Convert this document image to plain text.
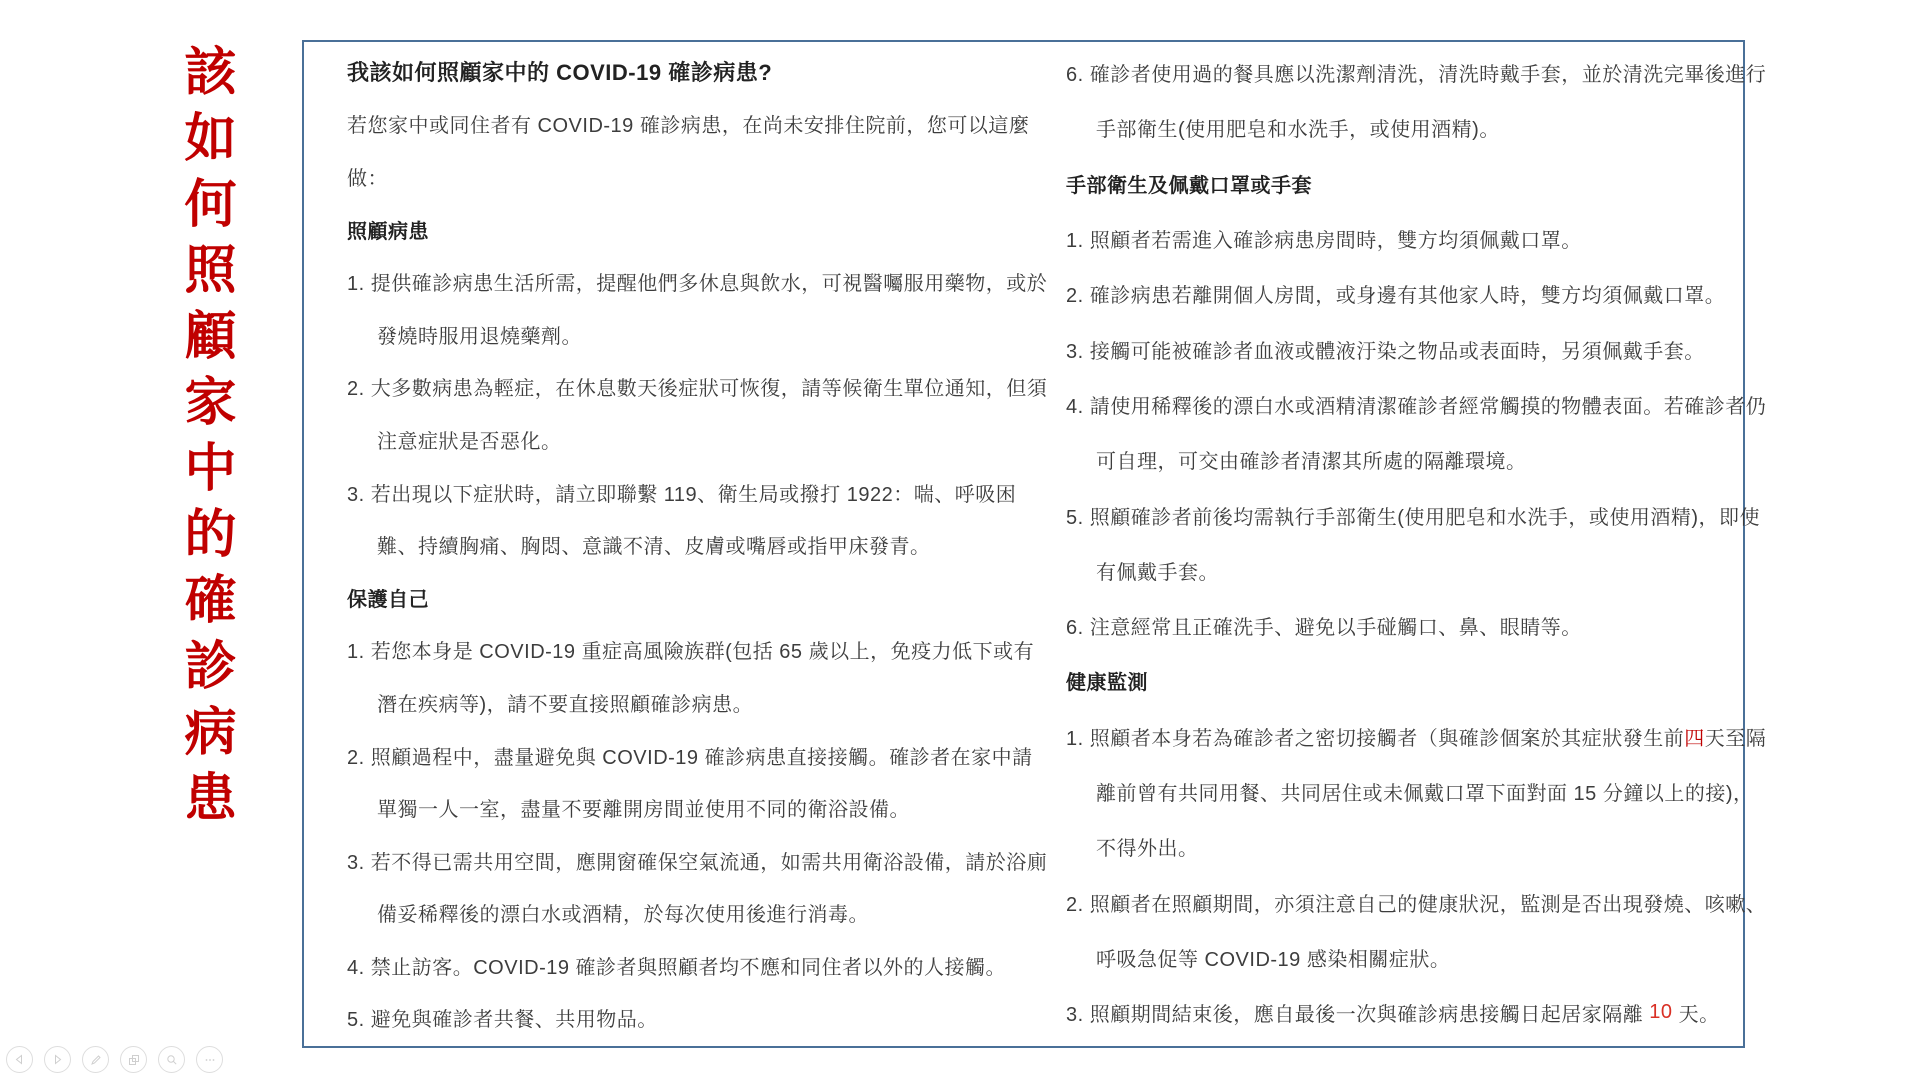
該如何照顧家中的確診病患	我該如何照顧家中的 COVID-19 確診病患?
若您家中或同住者有 COVID-19 確診病患，在尚未安排住院前，您可以這麼
做：
照顧病患
1. 提供確診病患生活所需，提醒他們多休息與飲水，可視醫囑服用藥物，或於
發燒時服用退燒藥劑。
2. 大多數病患為輕症，在休息數天後症狀可恢復，請等候衛生單位通知，但須
注意症狀是否惡化。
3. 若出現以下症狀時，請立即聯繫 119、衛生局或撥打 1922：喘、呼吸困
難、持續胸痛、胸悶、意識不清、皮膚或嘴唇或指甲床發青。
保護自己
1. 若您本身是 COVID-19 重症高風險族群(包括 65 歲以上，免疫力低下或有
潛在疾病等)，請不要直接照顧確診病患。
2. 照顧過程中，盡量避免與 COVID-19 確診病患直接接觸。確診者在家中請
單獨一人一室，盡量不要離開房間並使用不同的衛浴設備。
3. 若不得已需共用空間，應開窗確保空氣流通，如需共用衛浴設備，請於浴廁
備妥稀釋後的漂白水或酒精，於每次使用後進行消毒。
4. 禁止訪客。COVID-19 確診者與照顧者均不應和同住者以外的人接觸。
5. 避免與確診者共餐、共用物品。
6. 確診者使用過的餐具應以洗潔劑清洗，清洗時戴手套，並於清洗完畢後進行
手部衛生(使用肥皂和水洗手，或使用酒精)。
手部衛生及佩戴口罩或手套
1. 照顧者若需進入確診病患房間時，雙方均須佩戴口罩。
2. 確診病患若離開個人房間，或身邊有其他家人時，雙方均須佩戴口罩。
3. 接觸可能被確診者血液或體液汙染之物品或表面時，另須佩戴手套。
4. 請使用稀釋後的漂白水或酒精清潔確診者經常觸摸的物體表面。若確診者仍
可自理，可交由確診者清潔其所處的隔離環境。
5. 照顧確診者前後均需執行手部衛生(使用肥皂和水洗手，或使用酒精)，即使
有佩戴手套。
6. 注意經常且正確洗手、避免以手碰觸口、鼻、眼睛等。
健康監測
1. 照顧者本身若為確診者之密切接觸者（與確診個案於其症狀發生前 四 天至隔
離前曾有共同用餐、共同居住或未佩戴口罩下面對面 15 分鐘以上的接)，
不得外出。
2. 照顧者在照顧期間，亦須注意自己的健康狀況，監測是否出現發燒、咳嗽、
呼吸急促等 COVID-19 感染相關症狀。
3. 照顧期間結束後，應自最後一次與確診病患接觸日起居家隔離 10 天。
